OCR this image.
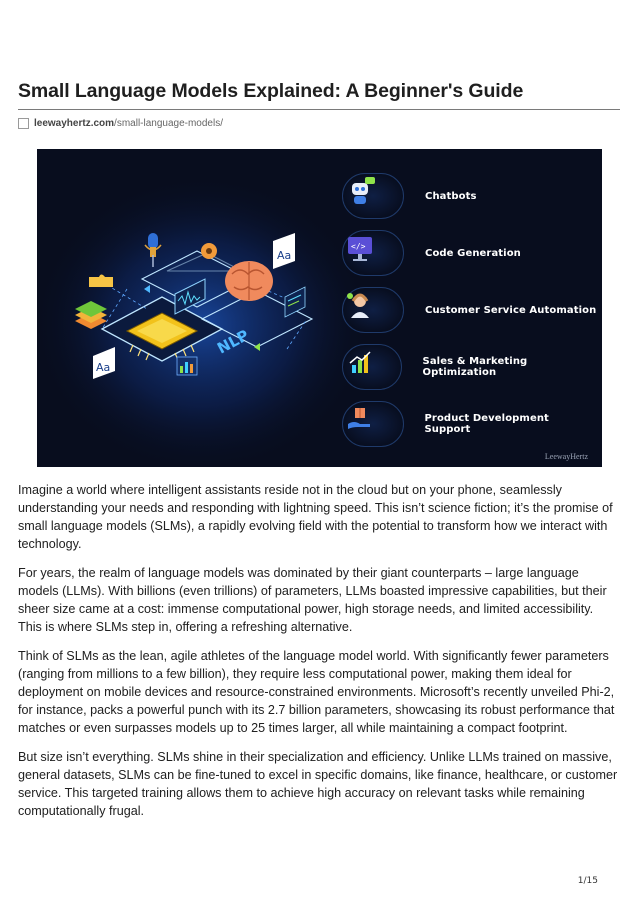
Small Language Models Explained: A Beginner's Guide
leewayhertz.com/small-language-models/
NLP
Aa
Aa
Chatbots
</>
Code Generation
Customer Service Automation
Sales & Marketing Optimization
Product Development Support
LeewayHertz

Imagine a world where intelligent assistants reside not in the cloud but on your phone, seamlessly understanding your needs and responding with lightning speed. This isn’t science fiction; it’s the promise of small language models (SLMs), a rapidly evolving field with the potential to transform how we interact with technology.

For years, the realm of language models was dominated by their giant counterparts – large language models (LLMs). With billions (even trillions) of parameters, LLMs boasted impressive capabilities, but their sheer size came at a cost: immense computational power, high storage needs, and limited accessibility. This is where SLMs step in, offering a refreshing alternative.

Think of SLMs as the lean, agile athletes of the language model world. With significantly fewer parameters (ranging from millions to a few billion), they require less computational power, making them ideal for deployment on mobile devices and resource-constrained environments. Microsoft’s recently unveiled Phi-2, for instance, packs a powerful punch with its 2.7 billion parameters, showcasing its robust performance that matches or even surpasses models up to 25 times larger, all while maintaining a compact footprint.

But size isn’t everything. SLMs shine in their specialization and efficiency. Unlike LLMs trained on massive, general datasets, SLMs can be fine-tuned to excel in specific domains, like finance, healthcare, or customer service. This targeted training allows them to achieve high accuracy on relevant tasks while remaining computationally frugal.

1/15
